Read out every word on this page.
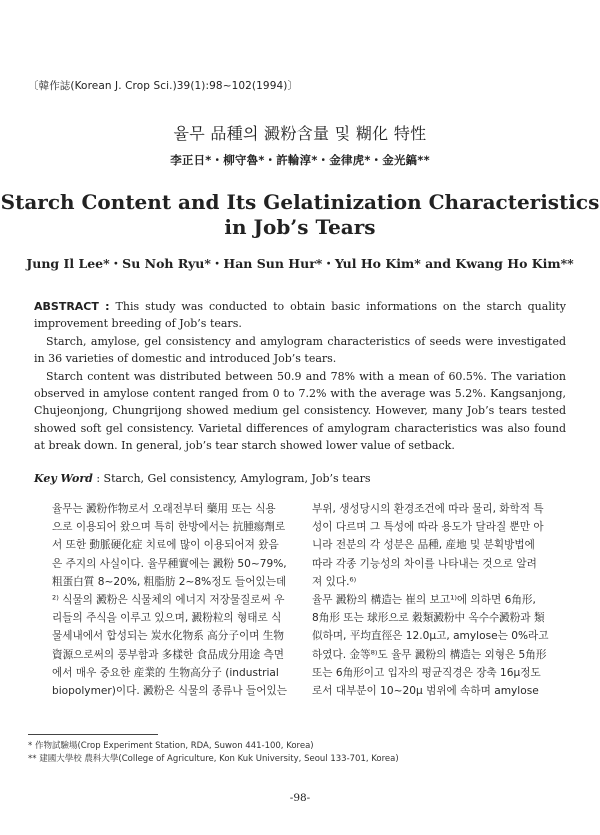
〔韓作誌(Korean J. Crop Sci.)39(1):98~102(1994)〕
율무 品種의 澱粉含量 및 糊化 特性
李正日*・柳守魯*・許輪淳*・金律虎*・金光鎬**
Starch Content and Its Gelatinization Characteristics
in Job’s Tears
Jung Il Lee*・Su Noh Ryu*・Han Sun Hur*・Yul Ho Kim* and Kwang Ho Kim**

ABSTRACT : This study was conducted to obtain basic informations on the starch quality improvement breeding of Job’s tears.

Starch, amylose, gel consistency and amylogram characteristics of seeds were investigated in 36 varieties of domestic and introduced Job’s tears.

Starch content was distributed between 50.9 and 78% with a mean of 60.5%. The variation observed in amylose content ranged from 0 to 7.2% with the average was 5.2%. Kangsanjong, Chujeonjong, Chungrijong showed medium gel consistency. However, many Job’s tears tested showed soft gel consistency. Varietal differences of amylogram characteristics was also found at break down. In general, job’s tear starch showed lower value of setback.

Key Word : Starch, Gel consistency, Amylogram, Job’s tears
율무는 澱粉作物로서 오래전부터 藥用 또는 식용
으로 이용되어 왔으며 특히 한방에서는 抗腫瘍劑로
서 또한 動脈硬化症 치료에 많이 이용되어져 왔음
은 주지의 사실이다. 율무種實에는 澱粉 50~79%,
粗蛋白質 8~20%, 粗脂肪 2~8%정도 들어있는데
²⁾ 식물의 澱粉은 식물체의 에너지 저장물질로써 우
리들의 주식을 이루고 있으며, 澱粉粒의 형태로 식
물세내에서 합성되는 炭水化物系 高分子이며 生物
資源으로써의 풍부함과 多樣한 食品成分用途 측면
에서 매우 중요한 産業的 生物高分子 (industrial
biopolymer)이다. 澱粉은 식물의 종류나 들어있는
부위, 생성당시의 환경조건에 따라 물리, 화학적 특
성이 다르며 그 특성에 따라 용도가 달라질 뿐만 아
니라 전분의 각 성분은 品種, 産地 및 분획방법에
따라 각종 기능성의 차이를 나타내는 것으로 알려
져 있다.⁶⁾
율무 澱粉의 構造는 崔의 보고¹⁾에 의하면 6角形,
8角形 또는 球形으로 穀類澱粉中 옥수수澱粉과 類
似하며, 平均直徑은 12.0μ고, amylose는 0%라고
하였다. 金等⁸⁾도 율무 澱粉의 構造는 외형은 5角形
또는 6角形이고 입자의 평균직경은 장축 16μ정도
로서 대부분이 10~20μ 범위에 속하며 amylose
* 作物試驗場(Crop Experiment Station, RDA, Suwon 441-100, Korea)
** 建國大學校 農科大學(College of Agriculture, Kon Kuk University, Seoul 133-701, Korea)
-98-
